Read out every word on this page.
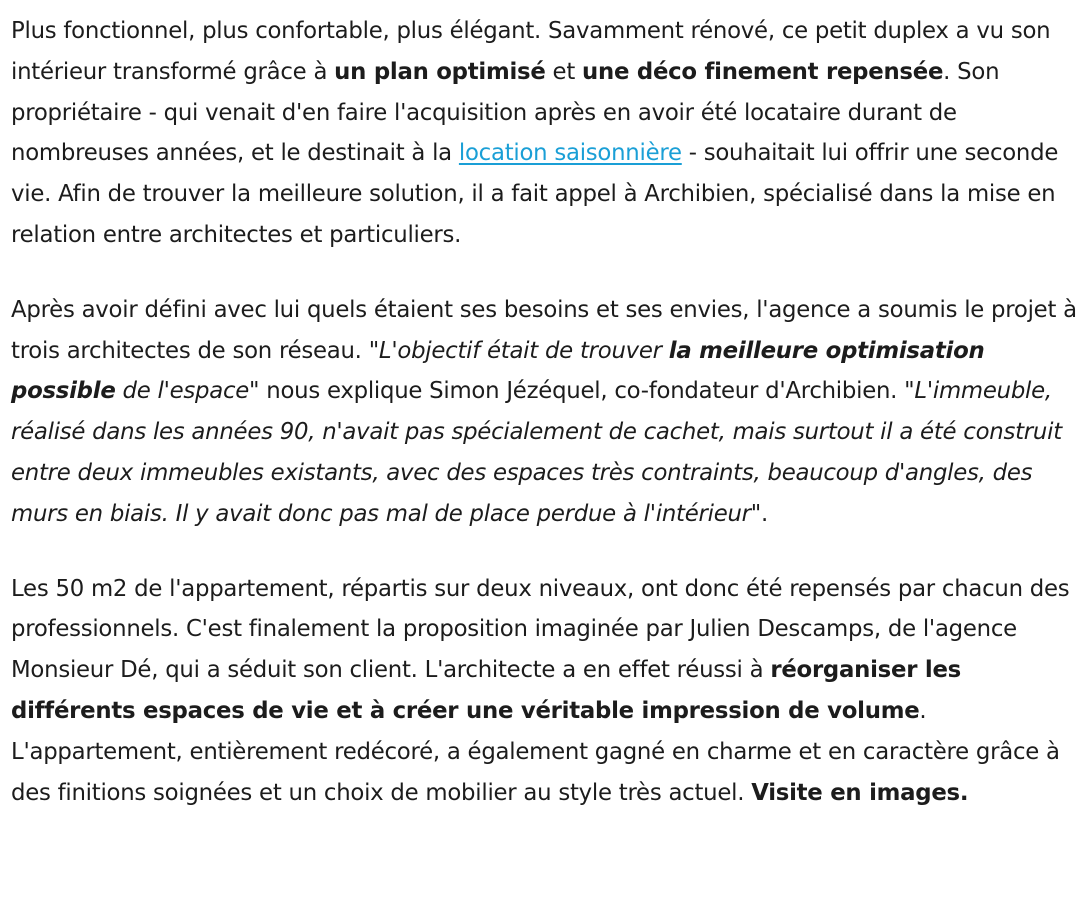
Plus fonctionnel, plus confortable, plus élégant. Savamment rénové, ce petit duplex a vu son intérieur transformé grâce à un plan optimisé et une déco finement repensée. Son propriétaire - qui venait d'en faire l'acquisition après en avoir été locataire durant de nombreuses années, et le destinait à la location saisonnière - souhaitait lui offrir une seconde vie. Afin de trouver la meilleure solution, il a fait appel à Archibien, spécialisé dans la mise en relation entre architectes et particuliers.

Après avoir défini avec lui quels étaient ses besoins et ses envies, l'agence a soumis le projet à trois architectes de son réseau. "L'objectif était de trouver la meilleure optimisation possible de l'espace" nous explique Simon Jézéquel, co-fondateur d'Archibien. "L'immeuble, réalisé dans les années 90, n'avait pas spécialement de cachet, mais surtout il a été construit entre deux immeubles existants, avec des espaces très contraints, beaucoup d'angles, des murs en biais. Il y avait donc pas mal de place perdue à l'intérieur".

Les 50 m2 de l'appartement, répartis sur deux niveaux, ont donc été repensés par chacun des professionnels. C'est finalement la proposition imaginée par Julien Descamps, de l'agence Monsieur Dé, qui a séduit son client. L'architecte a en effet réussi à réorganiser les différents espaces de vie et à créer une véritable impression de volume. L'appartement, entièrement redécoré, a également gagné en charme et en caractère grâce à des finitions soignées et un choix de mobilier au style très actuel. Visite en images.
